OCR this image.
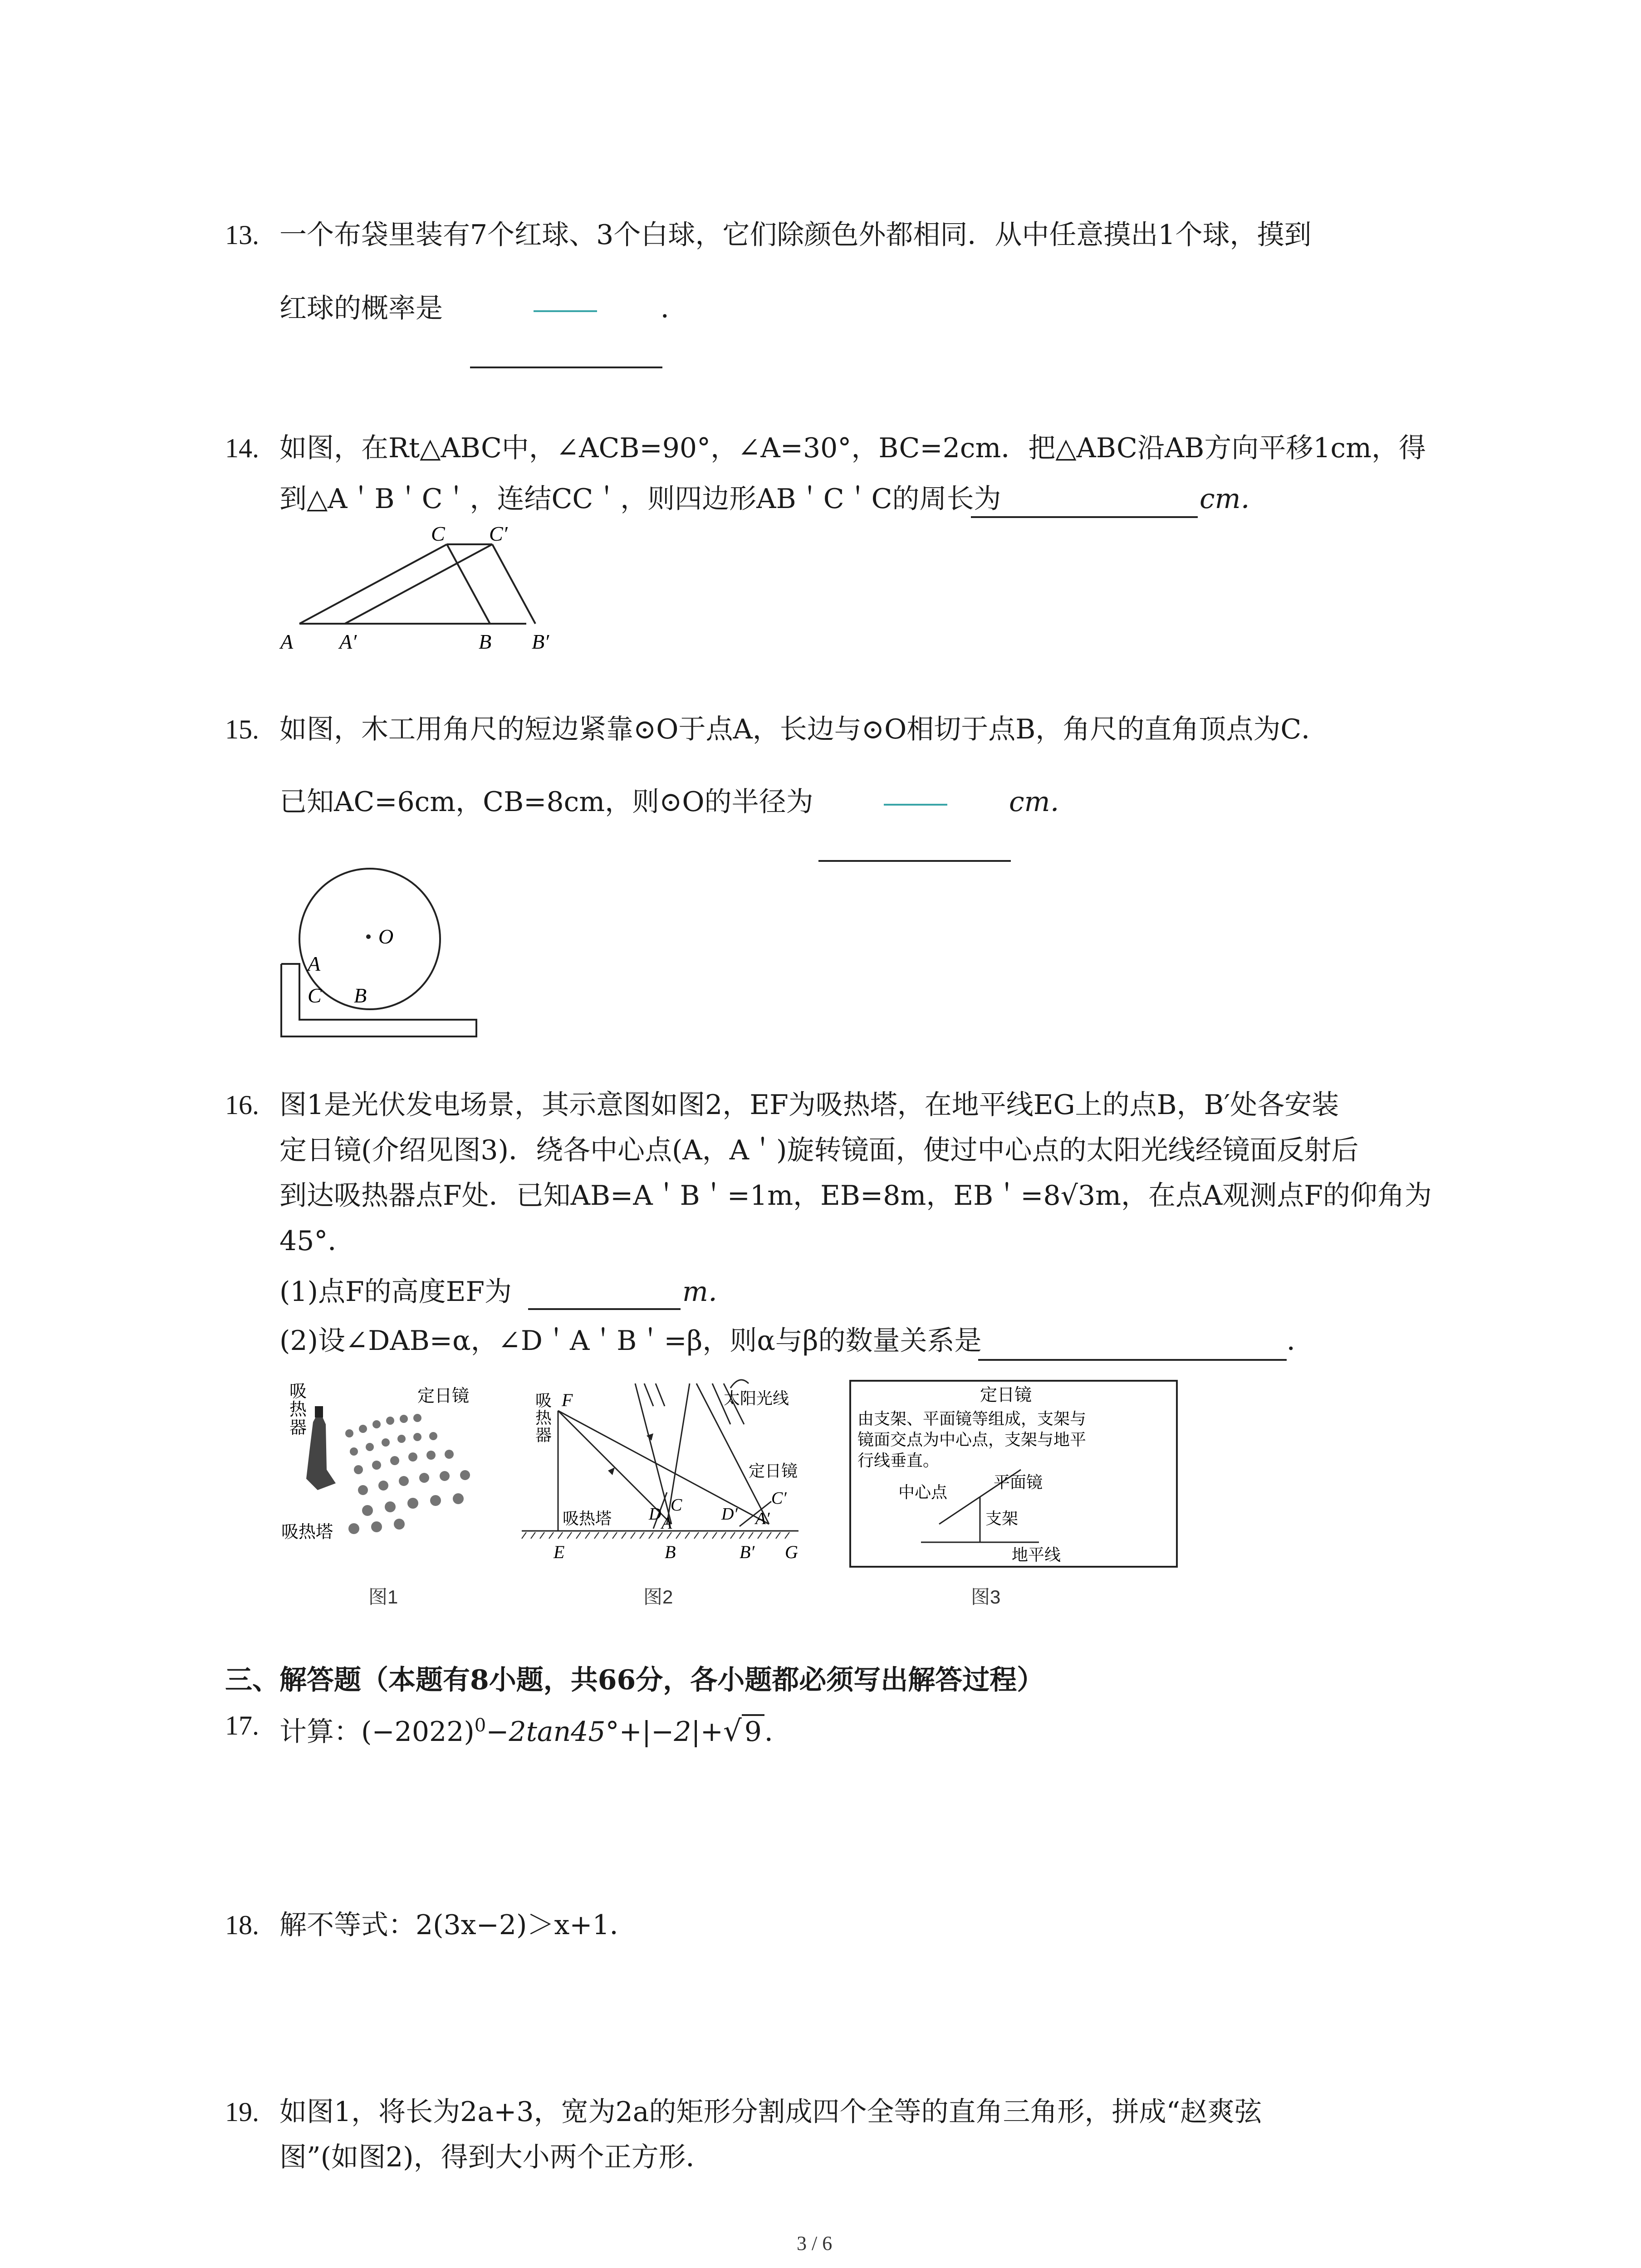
13. 一个布袋里装有7个红球、3个白球，它们除颜色外都相同．从中任意摸出1个球，摸到
红球的概率是	．
14. 如图，在Rt△ABC中，∠ACB=90°，∠A=30°，BC=2cm．把△ABC沿AB方向平移1cm，得
到△A＇B＇C＇，连结CC＇，则四边形AB＇C＇C的周长为	cm．
C C′
A A′	B B′
15. 如图，木工用角尺的短边紧靠⊙O于点A，长边与⊙O相切于点B，角尺的直角顶点为C．
已知AC=6cm，CB=8cm，则⊙O的半径为	cm．
O
A
C B
16. 图1是光伏发电场景，其示意图如图2，EF为吸热塔，在地平线EG上的点B，B′处各安装
定日镜(介绍见图3)．绕各中心点(A，A＇)旋转镜面，使过中心点的太阳光线经镜面反射后
到达吸热器点F处．已知AB=A＇B＇=1m，EB=8m，EB＇=8√3m，在点A观测点F的仰角为
45°．
(1)点F的高度EF为	m．
(2)设∠DAB=α，∠D＇A＇B＇=β，则α与β的数量关系是	．
吸
热
器
定日镜
吸热塔
图1
F
吸
热
器
太阳光线
定日镜
吸热塔 D A
C D′ A′
C′
E	B	B′ G
图2
定日镜
由支架、平面镜等组成，支架与
镜面交点为中心点，支架与地平
行线垂直。
中心点
平面镜
支架
地平线
图3
三、解答题（本题有8小题，共66分，各小题都必须写出解答过程）
17. 计算：$(-2022)^0-2\tan 45^\circ+|-2|+√$ 9 ．
18. 解不等式：2(3x−2)＞x+1．
19. 如图1，将长为2a+3，宽为2a的矩形分割成四个全等的直角三角形，拼成“赵爽弦
图”(如图2)，得到大小两个正方形．
3 / 6
